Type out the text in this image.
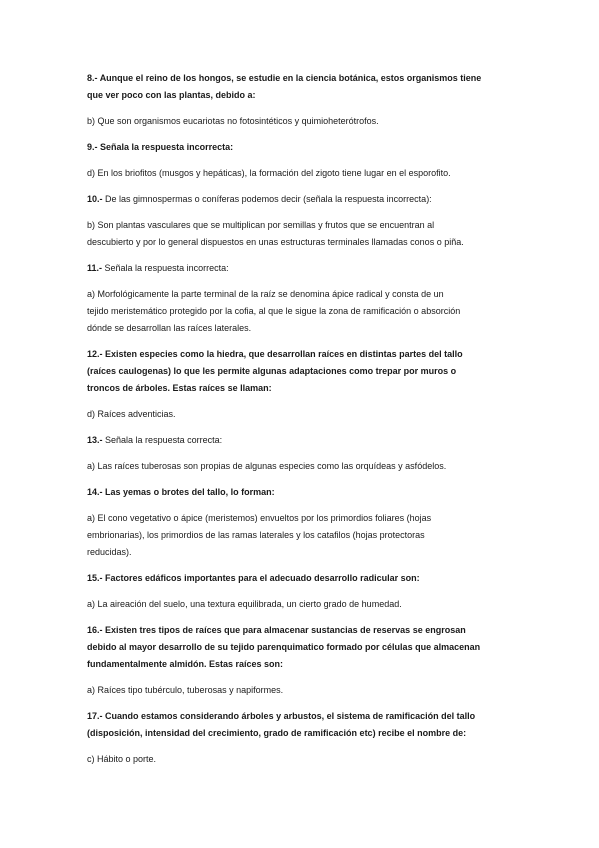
8.- Aunque el reino de los hongos, se estudie en la ciencia botánica, estos organismos tiene

que ver poco con las plantas, debido a:

b) Que son organismos eucariotas no fotosintéticos y quimioheterótrofos.

9.- Señala la respuesta incorrecta:

d) En los briofitos (musgos y hepáticas), la formación del zigoto tiene lugar en el esporofito.

10.- De las gimnospermas o coníferas podemos decir (señala la respuesta incorrecta):

b) Son plantas vasculares que se multiplican por semillas y frutos que se encuentran al

descubierto y por lo general dispuestos en unas estructuras terminales llamadas conos o piña.

11.- Señala la respuesta incorrecta:

a) Morfológicamente la parte terminal de la raíz se denomina ápice radical y consta de un

tejido meristemático protegido por la cofia, al que le sigue la zona de ramificación o absorción

dónde se desarrollan las raíces laterales.

12.- Existen especies como la hiedra, que desarrollan raíces en distintas partes del tallo

(raíces caulogenas) lo que les permite algunas adaptaciones como trepar por muros o

troncos de árboles. Estas raíces se llaman:

d) Raíces adventicias.

13.- Señala la respuesta correcta:

a) Las raíces tuberosas son propias de algunas especies como las orquídeas y asfódelos.

14.- Las yemas o brotes del tallo, lo forman:

a) El cono vegetativo o ápice (meristemos) envueltos por los primordios foliares (hojas

embrionarias), los primordios de las ramas laterales y los catafilos (hojas protectoras

reducidas).

15.- Factores edáficos importantes para el adecuado desarrollo radicular son:

a) La aireación del suelo, una textura equilibrada, un cierto grado de humedad.

16.- Existen tres tipos de raíces que para almacenar sustancias de reservas se engrosan

debido al mayor desarrollo de su tejido parenquimatico formado por células que almacenan

fundamentalmente almidón. Estas raíces son:

a) Raíces tipo tubérculo, tuberosas y napiformes.

17.- Cuando estamos considerando árboles y arbustos, el sistema de ramificación del tallo

(disposición, intensidad del crecimiento, grado de ramificación etc) recibe el nombre de:

c) Hábito o porte.
